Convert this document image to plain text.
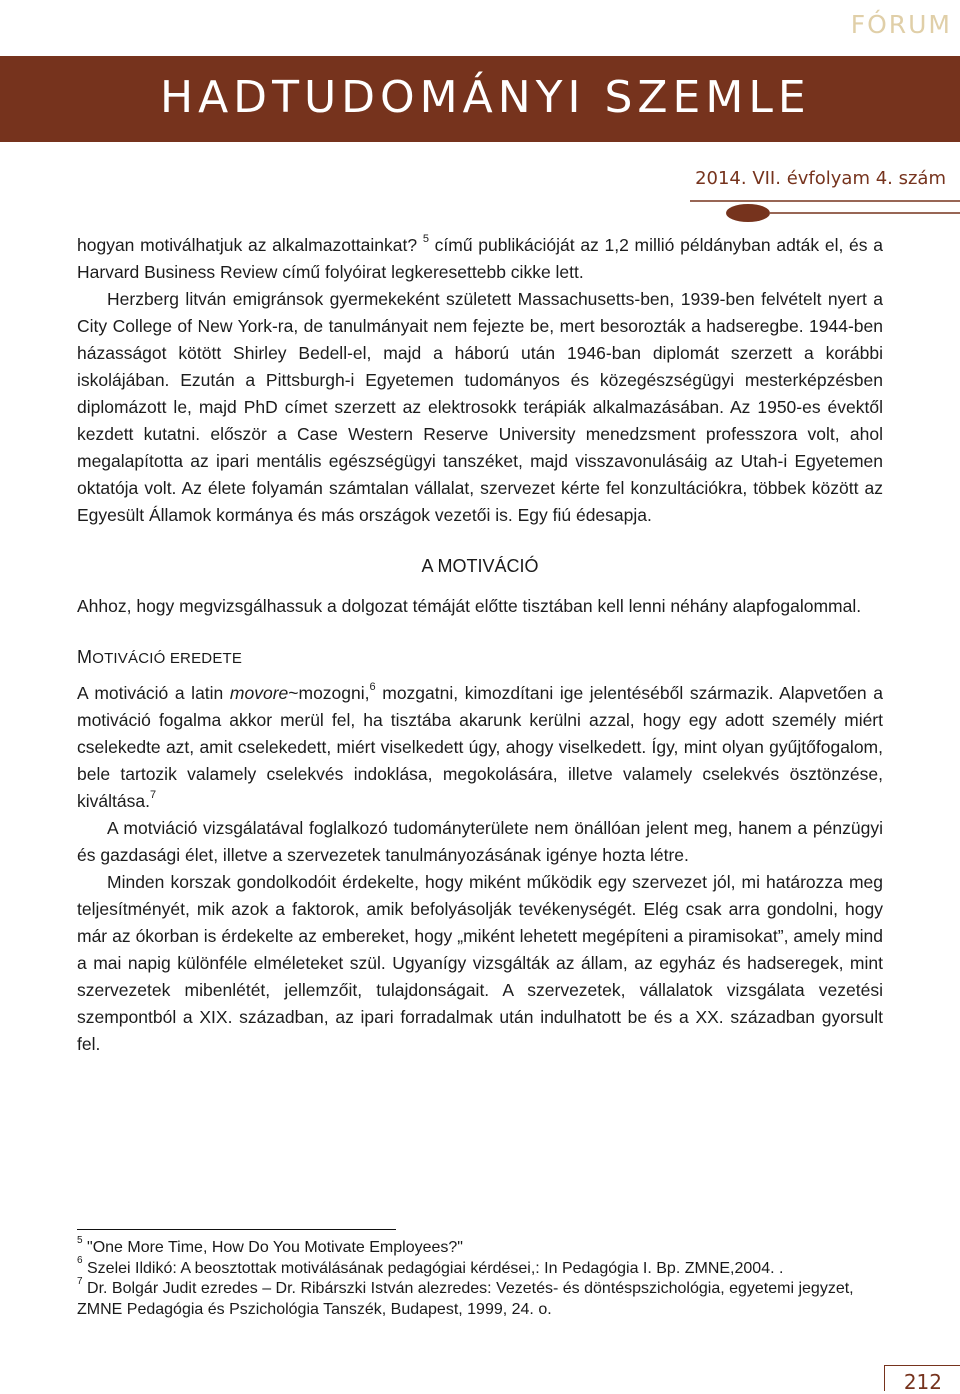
FÓRUM
HADTUDOMÁNYI SZEMLE
2014. VII. évfolyam 4. szám

hogyan motiválhatjuk az alkalmazottainkat? $^5$ című publikációját az 1,2 millió példányban adták el, és a Harvard Business Review című folyóirat legkeresettebb cikke lett.

Herzberg litván emigránsok gyermekeként született Massachusetts-ben, 1939-ben felvételt nyert a City College of New York-ra, de tanulmányait nem fejezte be, mert besorozták a hadseregbe. 1944-ben házasságot kötött Shirley Bedell-el, majd a háború után 1946-ban diplomát szerzett a korábbi iskolájában. Ezután a Pittsburgh-i Egyetemen tudományos és közegészségügyi mesterképzésben diplomázott le, majd PhD címet szerzett az elektrosokk terápiák alkalmazásában. Az 1950-es évektől kezdett kutatni. először a Case Western Reserve University menedzsment professzora volt, ahol megalapította az ipari mentális egészségügyi tanszéket, majd visszavonulásáig az Utah-i Egyetemen oktatója volt. Az élete folyamán számtalan vállalat, szervezet kérte fel konzultációkra, többek között az Egyesült Államok kormánya és más országok vezetői is. Egy fiú édesapja.

A MOTIVÁCIÓ

Ahhoz, hogy megvizsgálhassuk a dolgozat témáját előtte tisztában kell lenni néhány alapfogalommal.

MOTIVÁCIÓ EREDETE

A motiváció a latin movore~mozogni,$^6$ mozgatni, kimozdítani ige jelentéséből származik. Alapvetően a motiváció fogalma akkor merül fel, ha tisztába akarunk kerülni azzal, hogy egy adott személy miért cselekedte azt, amit cselekedett, miért viselkedett úgy, ahogy viselkedett. Így, mint olyan gyűjtőfogalom, bele tartozik valamely cselekvés indoklása, megokolására, illetve valamely cselekvés ösztönzése, kiváltása.$^7$

A motviáció vizsgálatával foglalkozó tudományterülete nem önállóan jelent meg, hanem a pénzügyi és gazdasági élet, illetve a szervezetek tanulmányozásának igénye hozta létre.

Minden korszak gondolkodóit érdekelte, hogy miként működik egy szervezet jól, mi határozza meg teljesítményét, mik azok a faktorok, amik befolyásolják tevékenységét. Elég csak arra gondolni, hogy már az ókorban is érdekelte az embereket, hogy „miként lehetett megépíteni a piramisokat”, amely mind a mai napig különféle elméleteket szül. Ugyanígy vizsgálták az állam, az egyház és hadseregek, mint szervezetek mibenlétét, jellemzőit, tulajdonságait. A szervezetek, vállalatok vizsgálata vezetési szempontból a XIX. században, az ipari forradalmak után indulhatott be és a XX. században gyorsult fel.

$^5$ "One More Time, How Do You Motivate Employees?"

$^6$ Szelei Ildikó: A beosztottak motiválásának pedagógiai kérdései,: In Pedagógia I. Bp. ZMNE,2004. .

$^7$ Dr. Bolgár Judit ezredes – Dr. Ribárszki István alezredes: Vezetés- és döntéspszichológia, egyetemi jegyzet, ZMNE Pedagógia és Pszichológia Tanszék, Budapest, 1999, 24. o.

212
